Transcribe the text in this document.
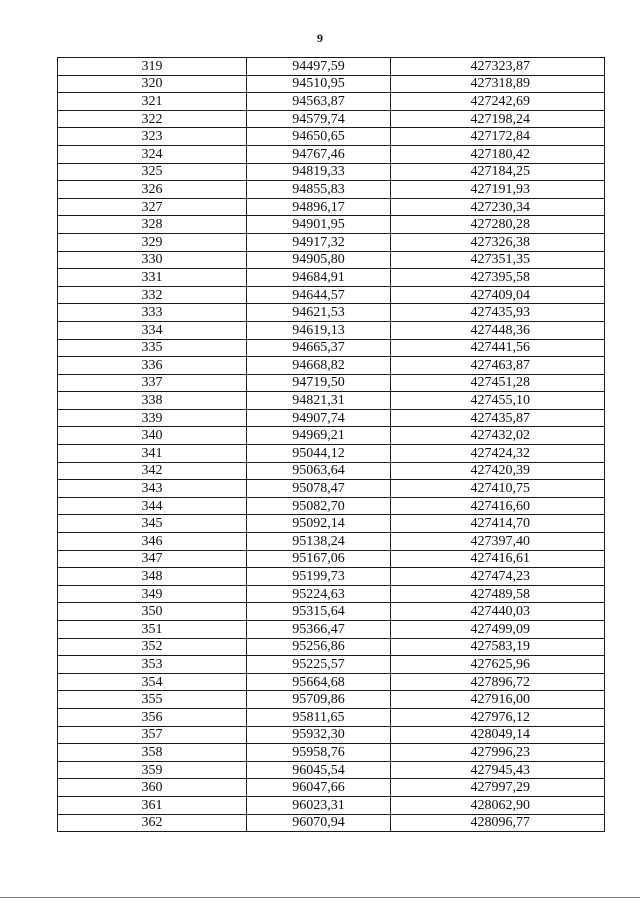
9
319	94497,59	427323,87
320	94510,95	427318,89
321	94563,87	427242,69
322	94579,74	427198,24
323	94650,65	427172,84
324	94767,46	427180,42
325	94819,33	427184,25
326	94855,83	427191,93
327	94896,17	427230,34
328	94901,95	427280,28
329	94917,32	427326,38
330	94905,80	427351,35
331	94684,91	427395,58
332	94644,57	427409,04
333	94621,53	427435,93
334	94619,13	427448,36
335	94665,37	427441,56
336	94668,82	427463,87
337	94719,50	427451,28
338	94821,31	427455,10
339	94907,74	427435,87
340	94969,21	427432,02
341	95044,12	427424,32
342	95063,64	427420,39
343	95078,47	427410,75
344	95082,70	427416,60
345	95092,14	427414,70
346	95138,24	427397,40
347	95167,06	427416,61
348	95199,73	427474,23
349	95224,63	427489,58
350	95315,64	427440,03
351	95366,47	427499,09
352	95256,86	427583,19
353	95225,57	427625,96
354	95664,68	427896,72
355	95709,86	427916,00
356	95811,65	427976,12
357	95932,30	428049,14
358	95958,76	427996,23
359	96045,54	427945,43
360	96047,66	427997,29
361	96023,31	428062,90
362	96070,94	428096,77
